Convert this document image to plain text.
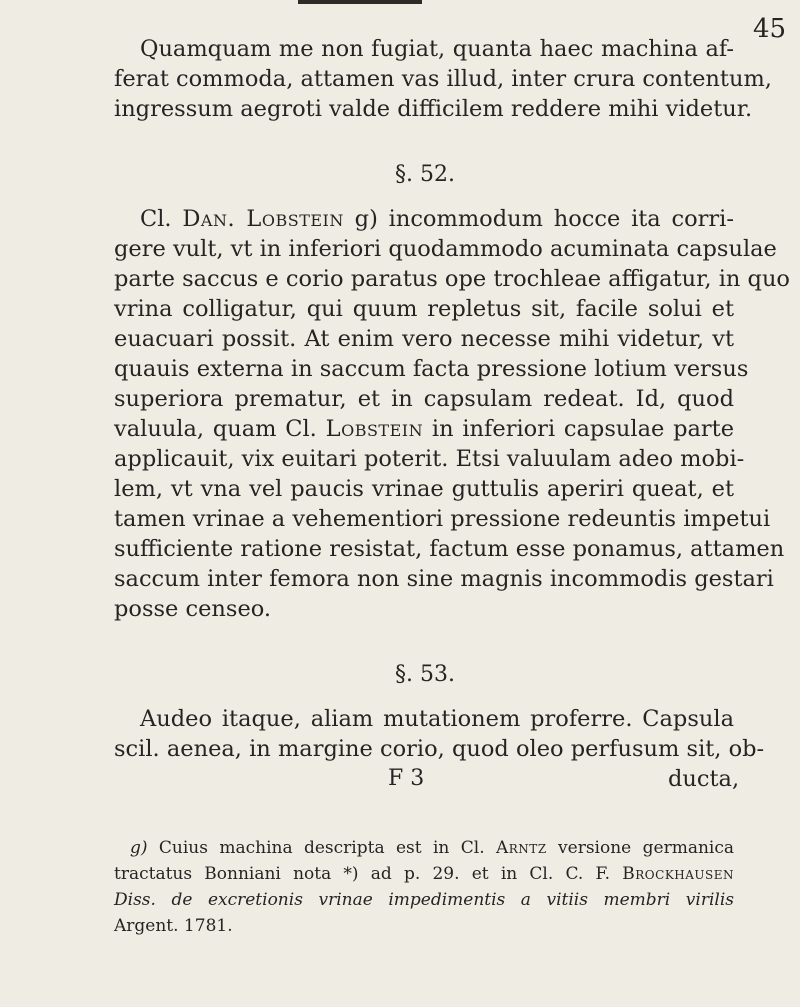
45
Quamquam me non fugiat, quanta haec machina af-
ferat commoda, attamen vas illud, inter crura contentum,
ingressum aegroti valde difficilem reddere mihi videtur.
§. 52.
Cl. Dan. Lobstein g) incommodum hocce ita corri-
gere vult, vt in inferiori quodammodo acuminata capsulae
parte saccus e corio paratus ope trochleae affigatur, in quo
vrina colligatur, qui quum repletus sit, facile solui et
euacuari possit. At enim vero necesse mihi videtur, vt
quauis externa in saccum facta pressione lotium versus
superiora prematur, et in capsulam redeat. Id, quod
valuula, quam Cl. Lobstein in inferiori capsulae parte
applicauit, vix euitari poterit. Etsi valuulam adeo mobi-
lem, vt vna vel paucis vrinae guttulis aperiri queat, et
tamen vrinae a vehementiori pressione redeuntis impetui
sufficiente ratione resistat, factum esse ponamus, attamen
saccum inter femora non sine magnis incommodis gestari
posse censeo.
§. 53.
Audeo itaque, aliam mutationem proferre. Capsula
scil. aenea, in margine corio, quod oleo perfusum sit, ob-
F 3	ducta,
g) Cuius machina descripta est in Cl. Arntz versione germanica
tractatus Bonniani nota *) ad p. 29. et in Cl. C. F. Brockhausen
Diss. de excretionis vrinae impedimentis a vitiis membri virilis
Argent. 1781.
